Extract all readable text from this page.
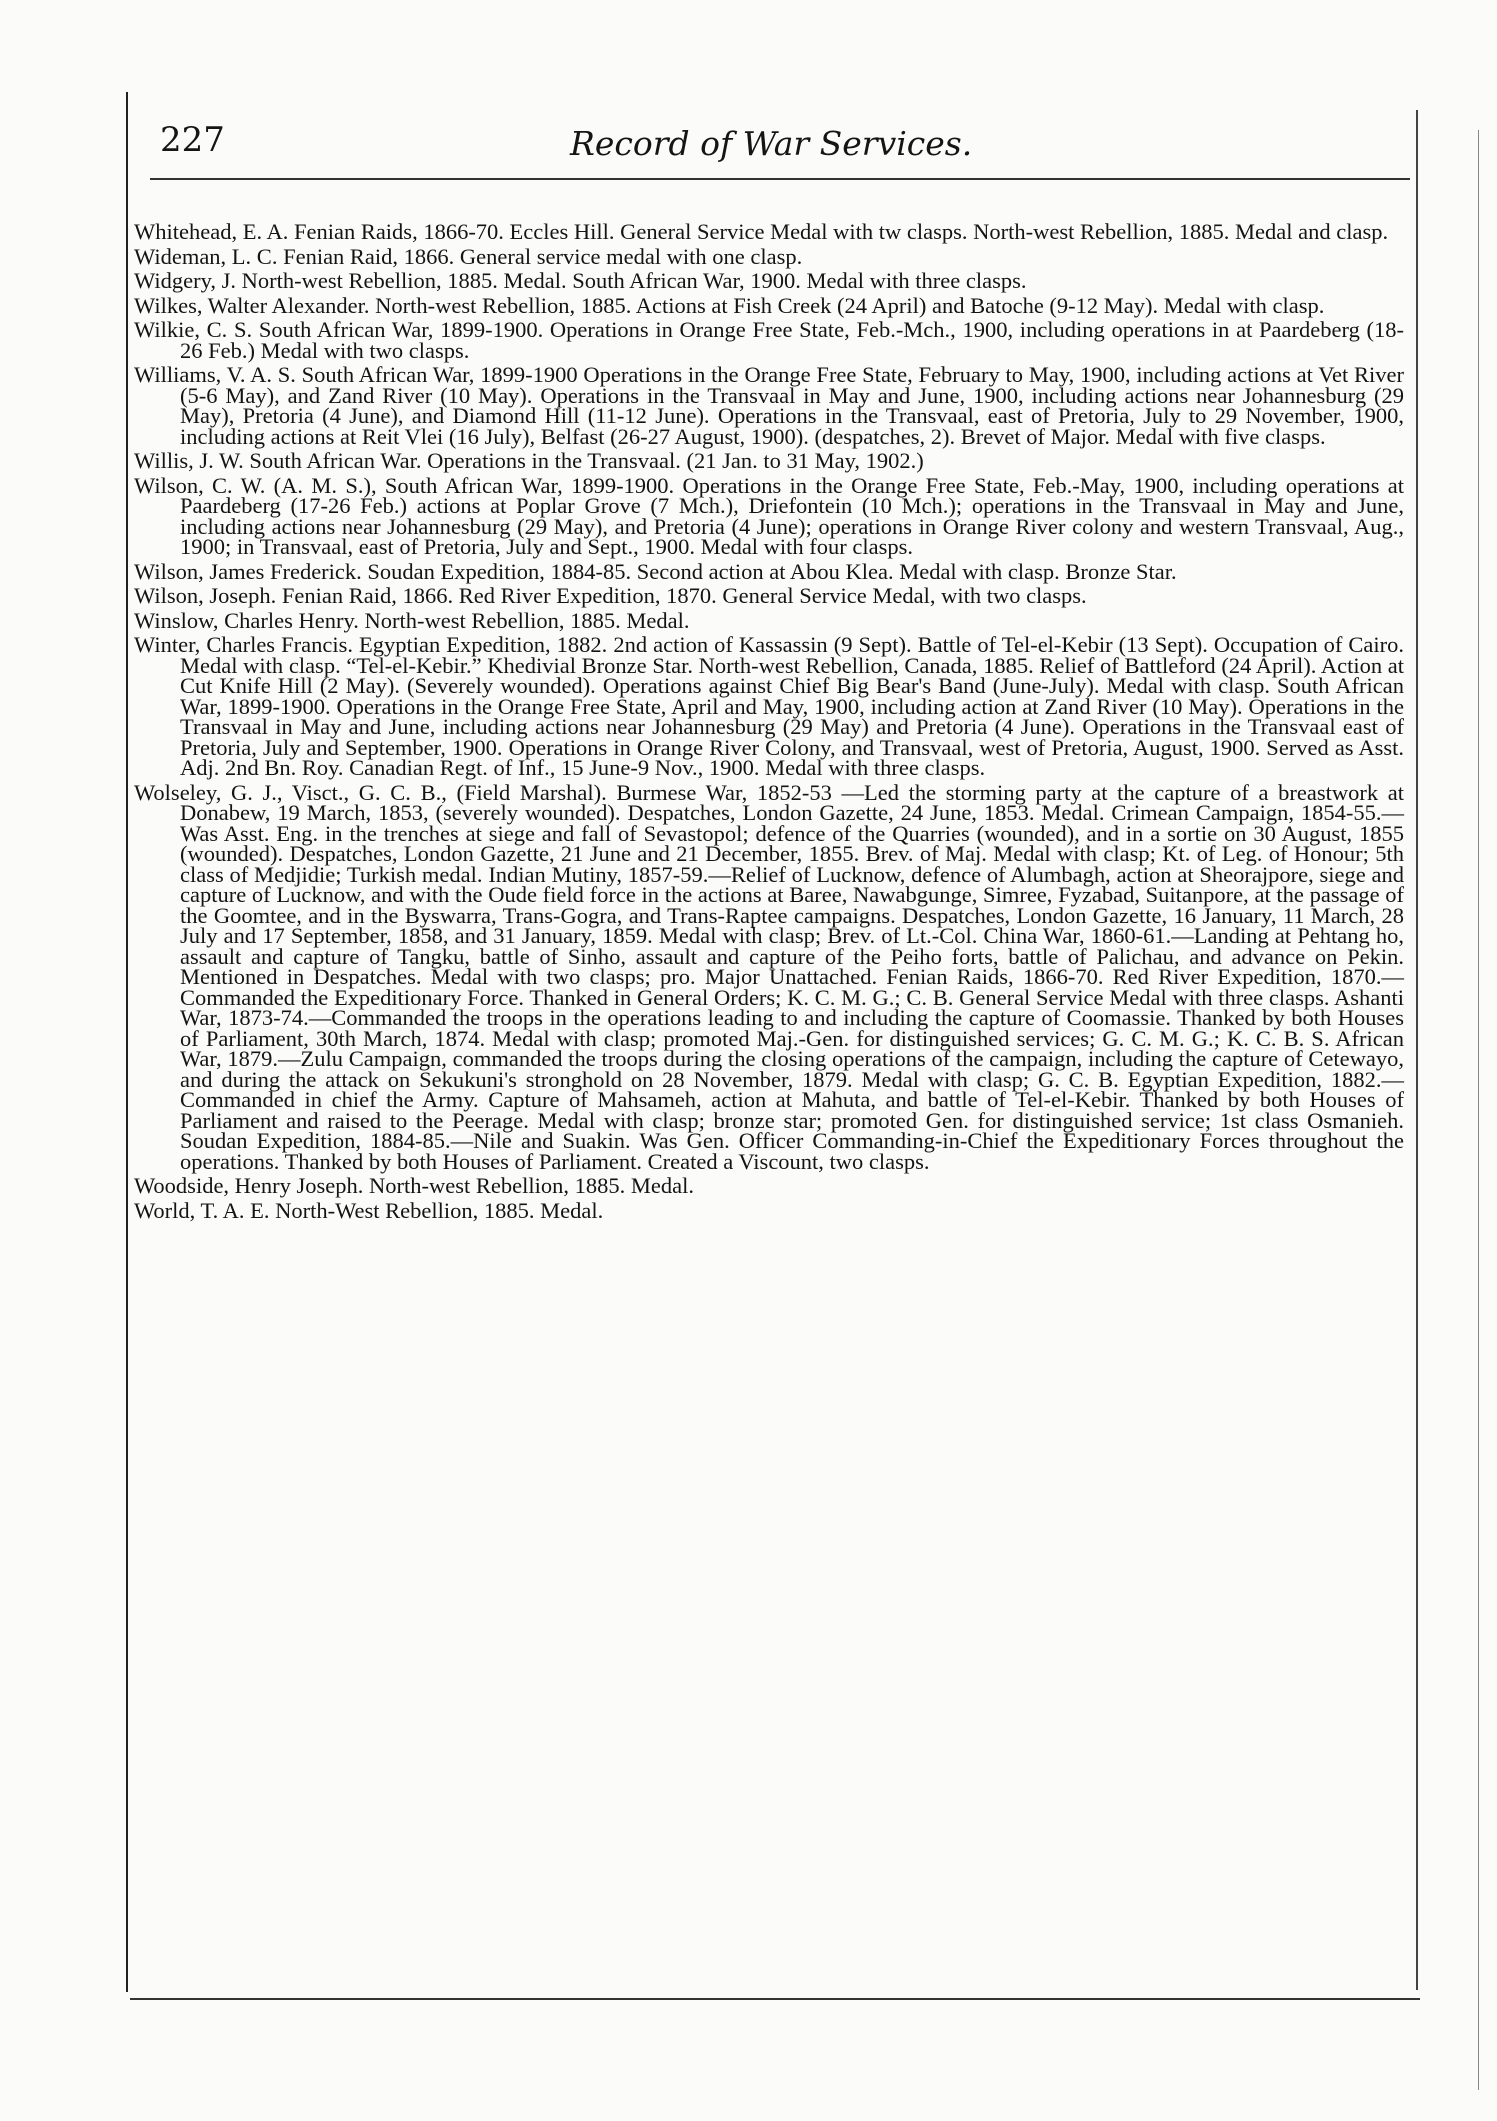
227	Record of War Services.

Whitehead, E. A. Fenian Raids, 1866-70. Eccles Hill. General Service Medal with tw clasps. North-west Rebellion, 1885. Medal and clasp.

Wideman, L. C. Fenian Raid, 1866. General service medal with one clasp.

Widgery, J. North-west Rebellion, 1885. Medal. South African War, 1900. Medal with three clasps.

Wilkes, Walter Alexander. North-west Rebellion, 1885. Actions at Fish Creek (24 April) and Batoche (9-12 May). Medal with clasp.

Wilkie, C. S. South African War, 1899-1900. Operations in Orange Free State, Feb.-Mch., 1900, including operations in at Paardeberg (18-26 Feb.) Medal with two clasps.

Williams, V. A. S. South African War, 1899-1900 Operations in the Orange Free State, February to May, 1900, including actions at Vet River (5-6 May), and Zand River (10 May). Operations in the Transvaal in May and June, 1900, including actions near Johannesburg (29 May), Pretoria (4 June), and Diamond Hill (11-12 June). Operations in the Transvaal, east of Pretoria, July to 29 November, 1900, including actions at Reit Vlei (16 July), Belfast (26-27 August, 1900). (despatches, 2). Brevet of Major. Medal with five clasps.

Willis, J. W. South African War. Operations in the Transvaal. (21 Jan. to 31 May, 1902.)

Wilson, C. W. (A. M. S.), South African War, 1899-1900. Operations in the Orange Free State, Feb.-May, 1900, including operations at Paardeberg (17-26 Feb.) actions at Poplar Grove (7 Mch.), Driefontein (10 Mch.); operations in the Transvaal in May and June, including actions near Johannesburg (29 May), and Pretoria (4 June); operations in Orange River colony and western Transvaal, Aug., 1900; in Transvaal, east of Pretoria, July and Sept., 1900. Medal with four clasps.

Wilson, James Frederick. Soudan Expedition, 1884-85. Second action at Abou Klea. Medal with clasp. Bronze Star.

Wilson, Joseph. Fenian Raid, 1866. Red River Expedition, 1870. General Service Medal, with two clasps.

Winslow, Charles Henry. North-west Rebellion, 1885. Medal.

Winter, Charles Francis. Egyptian Expedition, 1882. 2nd action of Kassassin (9 Sept). Battle of Tel-el-Kebir (13 Sept). Occupation of Cairo. Medal with clasp. “Tel-el-Kebir.” Khedivial Bronze Star. North-west Rebellion, Canada, 1885. Relief of Battleford (24 April). Action at Cut Knife Hill (2 May). (Severely wounded). Operations against Chief Big Bear's Band (June-July). Medal with clasp. South African War, 1899-1900. Operations in the Orange Free State, April and May, 1900, including action at Zand River (10 May). Operations in the Transvaal in May and June, including actions near Johannesburg (29 May) and Pretoria (4 June). Operations in the Transvaal east of Pretoria, July and September, 1900. Operations in Orange River Colony, and Transvaal, west of Pretoria, August, 1900. Served as Asst. Adj. 2nd Bn. Roy. Canadian Regt. of Inf., 15 June-9 Nov., 1900. Medal with three clasps.

Wolseley, G. J., Visct., G. C. B., (Field Marshal). Burmese War, 1852-53 —Led the storming party at the capture of a breastwork at Donabew, 19 March, 1853, (severely wounded). Despatches, London Gazette, 24 June, 1853. Medal. Crimean Campaign, 1854-55.—Was Asst. Eng. in the trenches at siege and fall of Sevastopol; defence of the Quarries (wounded), and in a sortie on 30 August, 1855 (wounded). Despatches, London Gazette, 21 June and 21 December, 1855. Brev. of Maj. Medal with clasp; Kt. of Leg. of Honour; 5th class of Medjidie; Turkish medal. Indian Mutiny, 1857-59.—Relief of Lucknow, defence of Alumbagh, action at Sheorajpore, siege and capture of Lucknow, and with the Oude field force in the actions at Baree, Nawabgunge, Simree, Fyzabad, Suitanpore, at the passage of the Goomtee, and in the Byswarra, Trans-Gogra, and Trans-Raptee campaigns. Despatches, London Gazette, 16 January, 11 March, 28 July and 17 September, 1858, and 31 January, 1859. Medal with clasp; Brev. of Lt.-Col. China War, 1860-61.—Landing at Pehtang ho, assault and capture of Tangku, battle of Sinho, assault and capture of the Peiho forts, battle of Palichau, and advance on Pekin. Mentioned in Despatches. Medal with two clasps; pro. Major Unattached. Fenian Raids, 1866-70. Red River Expedition, 1870.—Commanded the Expeditionary Force. Thanked in General Orders; K. C. M. G.; C. B. General Service Medal with three clasps. Ashanti War, 1873-74.—Commanded the troops in the operations leading to and including the capture of Coomassie. Thanked by both Houses of Parliament, 30th March, 1874. Medal with clasp; promoted Maj.-Gen. for distinguished services; G. C. M. G.; K. C. B. S. African War, 1879.—Zulu Campaign, commanded the troops during the closing operations of the campaign, including the capture of Cetewayo, and during the attack on Sekukuni's stronghold on 28 November, 1879. Medal with clasp; G. C. B. Egyptian Expedition, 1882.—Commanded in chief the Army. Capture of Mahsameh, action at Mahuta, and battle of Tel-el-Kebir. Thanked by both Houses of Parliament and raised to the Peerage. Medal with clasp; bronze star; promoted Gen. for distinguished service; 1st class Osmanieh. Soudan Expedition, 1884-85.—Nile and Suakin. Was Gen. Officer Commanding-in-Chief the Expeditionary Forces throughout the operations. Thanked by both Houses of Parliament. Created a Viscount, two clasps.

Woodside, Henry Joseph. North-west Rebellion, 1885. Medal.

World, T. A. E. North-West Rebellion, 1885. Medal.
